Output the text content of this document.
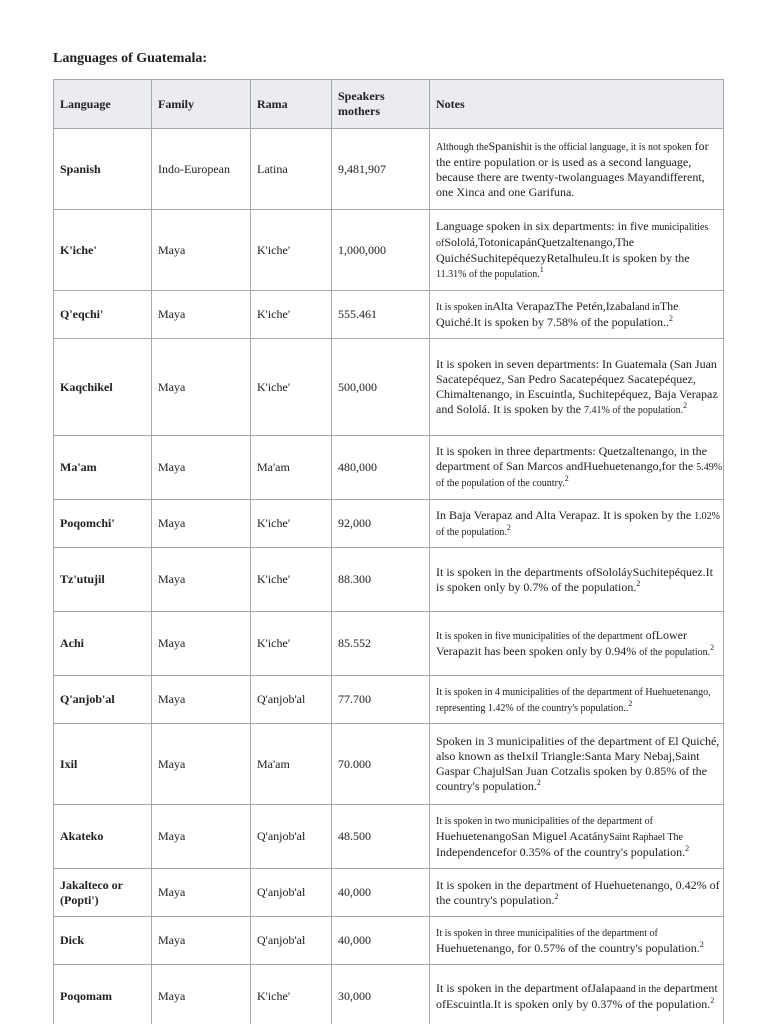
Languages of Guatemala:
Language	Family	Rama	Speakers mothers	Notes
Spanish	Indo-European	Latina	9,481,907	Although theSpanishit is the official language, it is not spoken for the entire population or is used as a second language, because there are twenty-twolanguages Mayandifferent, one Xinca and one Garifuna.
K'iche'	Maya	K'iche'	1,000,000	Language spoken in six departments: in five municipalities ofSololá,TotonicapánQuetzaltenango,The QuichéSuchitepéquezyRetalhuleu.It is spoken by the 11.31% of the population.$^1$
Q'eqchi'	Maya	K'iche'	555.461	It is spoken inAlta VerapazThe Petén,Izabaland inThe Quiché.It is spoken by 7.58% of the population..$^2$
Kaqchikel	Maya	K'iche'	500,000	It is spoken in seven departments: In Guatemala (San Juan Sacatepéquez, San Pedro Sacatepéquez Sacatepéquez, Chimaltenango, in Escuintla, Suchitepéquez, Baja Verapaz and Sololá. It is spoken by the 7.41% of the population.$^2$
Ma'am	Maya	Ma'am	480,000	It is spoken in three departments: Quetzaltenango, in the department of San Marcos andHuehuetenango,for the 5.49% of the population of the country.$^2$
Poqomchi'	Maya	K'iche'	92,000	In Baja Verapaz and Alta Verapaz. It is spoken by the 1.02% of the population.$^2$
Tz'utujil	Maya	K'iche'	88.300	It is spoken in the departments ofSololáySuchitepéquez.It is spoken only by 0.7% of the population.$^2$
Achi	Maya	K'iche'	85.552	It is spoken in five municipalities of the department ofLower Verapazit has been spoken only by 0.94% of the population.$^2$
Q'anjob'al	Maya	Q'anjob'al	77.700	It is spoken in 4 municipalities of the department of Huehuetenango, representing 1.42% of the country's population..$^2$
Ixil	Maya	Ma'am	70.000	Spoken in 3 municipalities of the department of El Quiché, also known as theIxil Triangle:Santa Mary Nebaj,Saint Gaspar ChajulSan Juan Cotzalis spoken by 0.85% of the country's population.$^2$
Akateko	Maya	Q'anjob'al	48.500	It is spoken in two municipalities of the department of HuehuetenangoSan Miguel AcatánySaint Raphael The Independencefor 0.35% of the country's population.$^2$
Jakalteco or (Popti')	Maya	Q'anjob'al	40,000	It is spoken in the department of Huehuetenango, 0.42% of the country's population.$^2$
Dick	Maya	Q'anjob'al	40,000	It is spoken in three municipalities of the department of Huehuetenango, for 0.57% of the country's population.$^2$
Poqomam	Maya	K'iche'	30,000	It is spoken in the department ofJalapaand in the department ofEscuintla.It is spoken only by 0.37% of the population.$^2$
